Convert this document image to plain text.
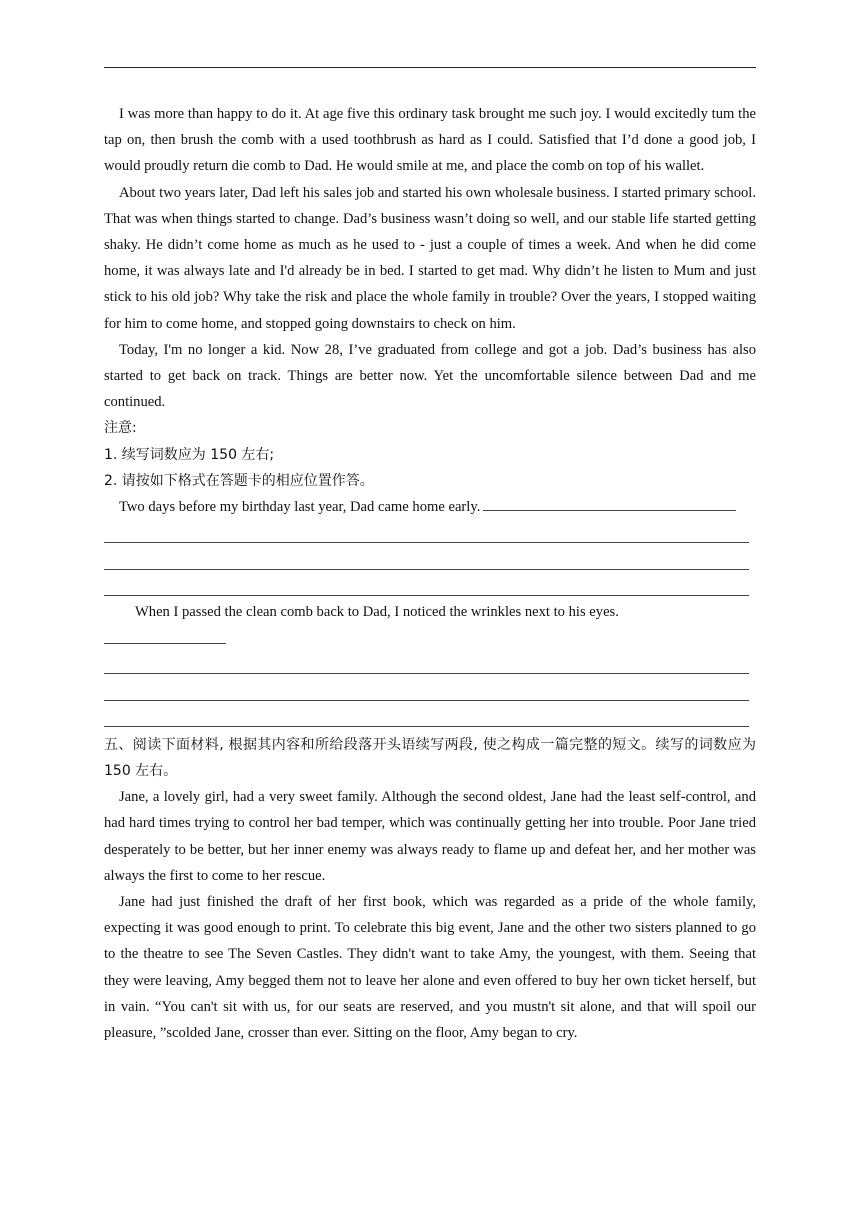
I was more than happy to do it. At age five this ordinary task brought me such joy. I would excitedly tum the tap on, then brush the comb with a used toothbrush as hard as I could. Satisfied that I’d done a good job, I would proudly return die comb to Dad. He would smile at me, and place the comb on top of his wallet.

About two years later, Dad left his sales job and started his own wholesale business. I started primary school. That was when things started to change. Dad’s business wasn’t doing so well, and our stable life started getting shaky. He didn’t come home as much as he used to - just a couple of times a week. And when he did come home, it was always late and I'd already be in bed. I started to get mad. Why didn’t he listen to Mum and just stick to his old job? Why take the risk and place the whole family in trouble? Over the years, I stopped waiting for him to come home, and stopped going downstairs to check on him.

Today, I'm no longer a kid. Now 28, I’ve graduated from college and got a job. Dad’s business has also started to get back on track. Things are better now. Yet the uncomfortable silence between Dad and me continued.

注意:

1. 续写词数应为 150 左右;

2. 请按如下格式在答题卡的相应位置作答。

Two days before my birthday last year, Dad came home early.

When I passed the clean comb back to Dad, I noticed the wrinkles next to his eyes.

五、阅读下面材料, 根据其内容和所给段落开头语续写两段, 使之构成一篇完整的短文。续写的词数应为 150 左右。

Jane, a lovely girl, had a very sweet family. Although the second oldest, Jane had the least self-control, and had hard times trying to control her bad temper, which was continually getting her into trouble. Poor Jane tried desperately to be better, but her inner enemy was always ready to flame up and defeat her, and her mother was always the first to come to her rescue.

Jane had just finished the draft of her first book, which was regarded as a pride of the whole family, expecting it was good enough to print. To celebrate this big event, Jane and the other two sisters planned to go to the theatre to see The Seven Castles. They didn't want to take Amy, the youngest, with them. Seeing that they were leaving, Amy begged them not to leave her alone and even offered to buy her own ticket herself, but in vain. “You can't sit with us, for our seats are reserved, and you mustn't sit alone, and that will spoil our pleasure, ”scolded Jane, crosser than ever. Sitting on the floor, Amy began to cry.
